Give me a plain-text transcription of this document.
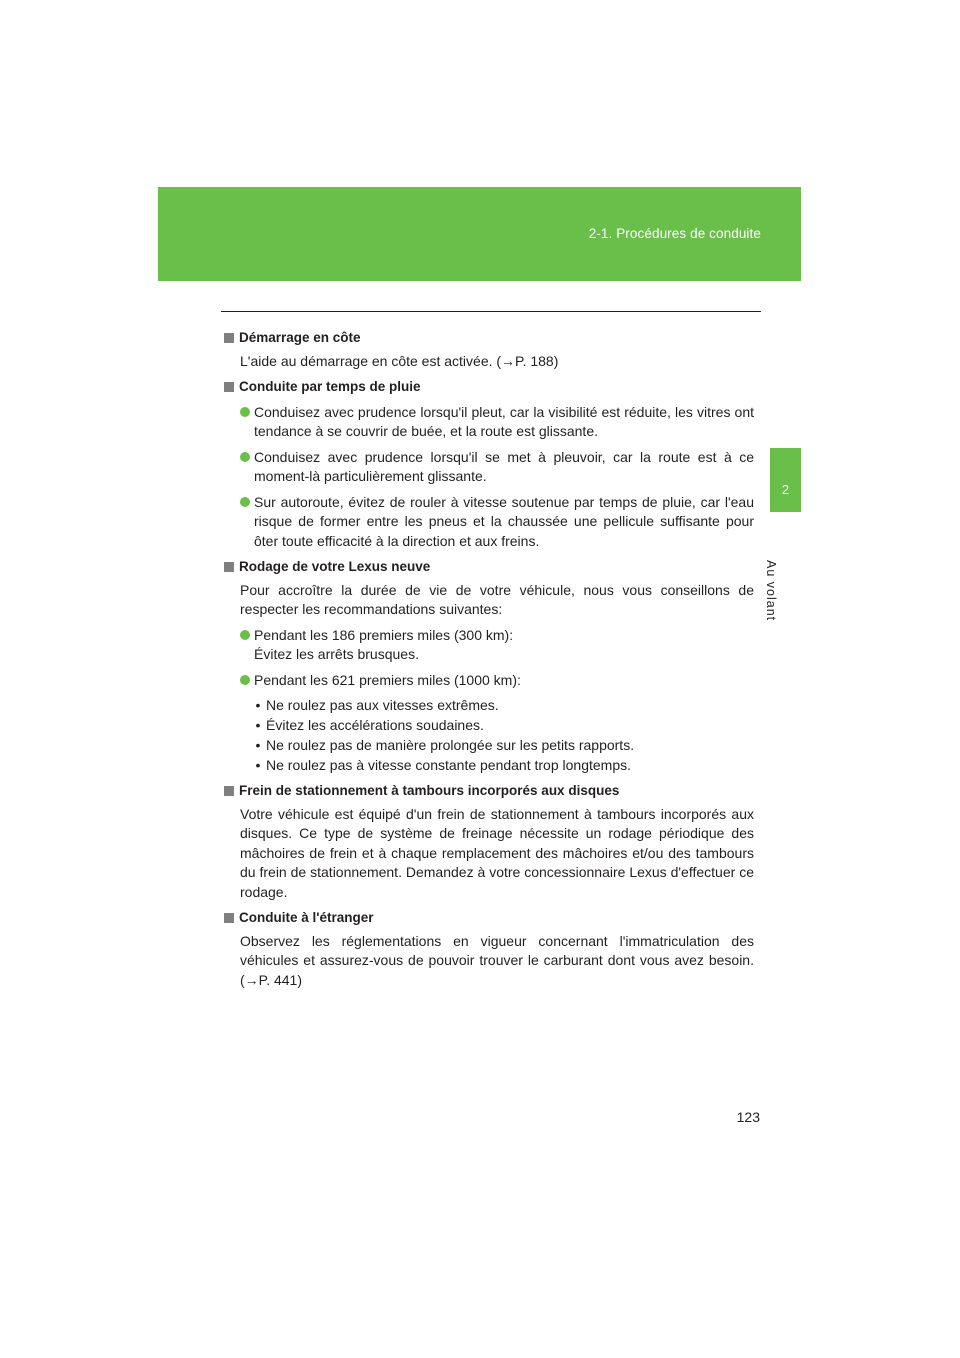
2-1. Procédures de conduite
2
Au volant
Démarrage en côte
L'aide au démarrage en côte est activée. (→P. 188)
Conduite par temps de pluie
Conduisez avec prudence lorsqu'il pleut, car la visibilité est réduite, les vitres ont tendance à se couvrir de buée, et la route est glissante.
Conduisez avec prudence lorsqu'il se met à pleuvoir, car la route est à ce moment-là particulièrement glissante.
Sur autoroute, évitez de rouler à vitesse soutenue par temps de pluie, car l'eau risque de former entre les pneus et la chaussée une pellicule suffisante pour ôter toute efficacité à la direction et aux freins.
Rodage de votre Lexus neuve
Pour accroître la durée de vie de votre véhicule, nous vous conseillons de respecter les recommandations suivantes:
Pendant les 186 premiers miles (300 km):
Évitez les arrêts brusques.
Pendant les 621 premiers miles (1000 km):
• Ne roulez pas aux vitesses extrêmes.
• Évitez les accélérations soudaines.
• Ne roulez pas de manière prolongée sur les petits rapports.
• Ne roulez pas à vitesse constante pendant trop longtemps.
Frein de stationnement à tambours incorporés aux disques
Votre véhicule est équipé d'un frein de stationnement à tambours incorporés aux disques. Ce type de système de freinage nécessite un rodage périodique des mâchoires de frein et à chaque remplacement des mâchoires et/ou des tambours du frein de stationnement. Demandez à votre concessionnaire Lexus d'effectuer ce rodage.
Conduite à l'étranger
Observez les réglementations en vigueur concernant l'immatriculation des véhicules et assurez-vous de pouvoir trouver le carburant dont vous avez besoin. (→P. 441)
123
